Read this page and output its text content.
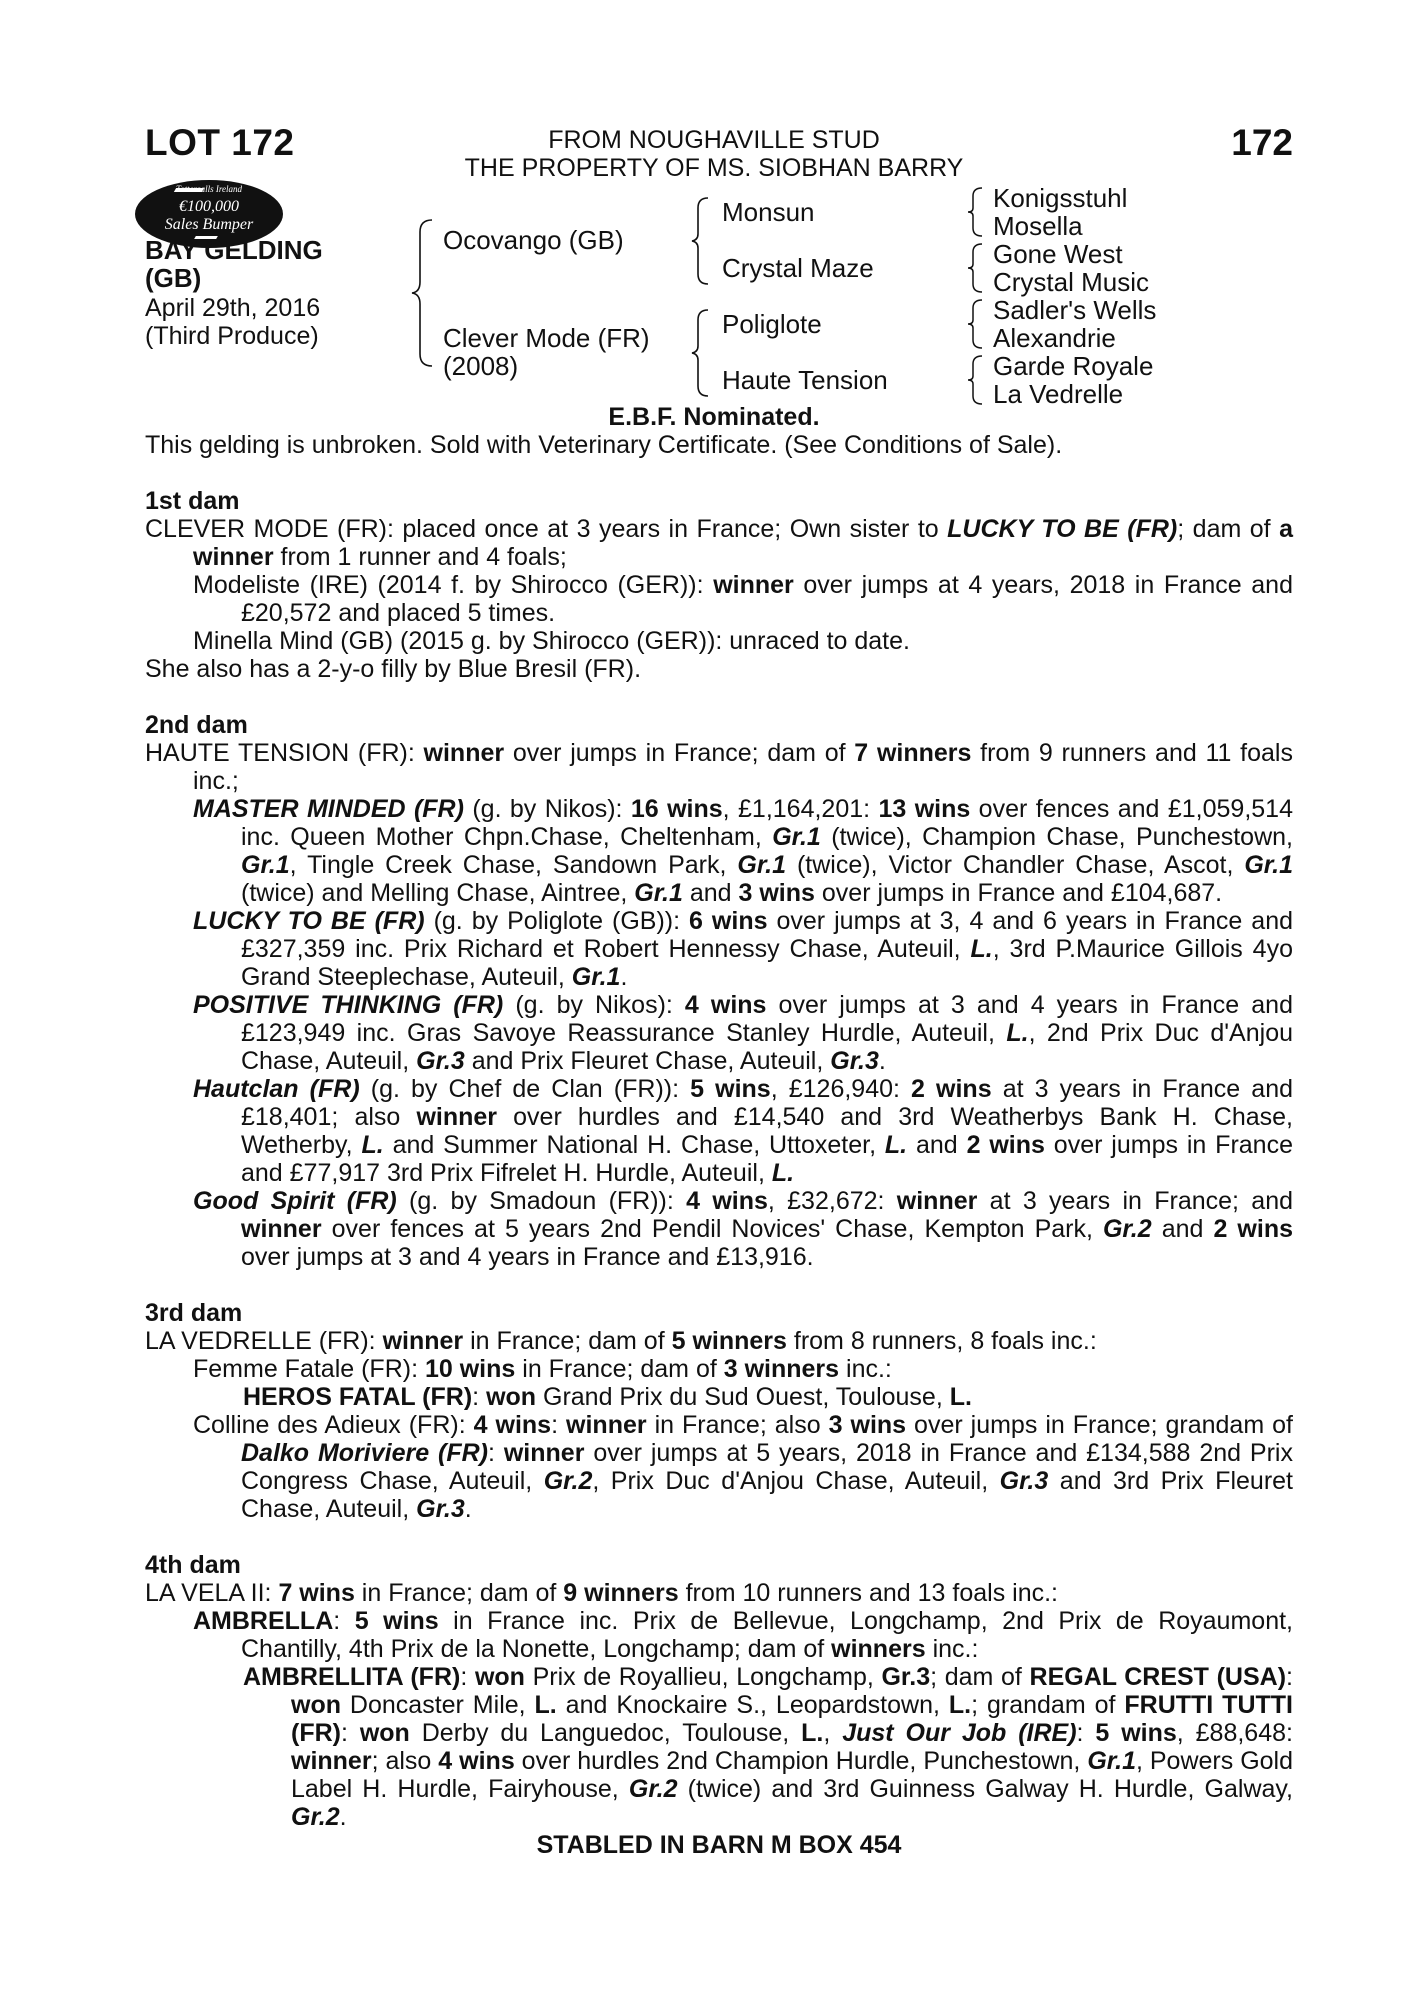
LOT 172	172
FROM NOUGHAVILLE STUD
THE PROPERTY OF MS. SIOBHAN BARRY
Tattersalls Ireland
€100,000
Sales Bumper
BAY GELDING
(GB)
April 29th, 2016
(Third Produce)
Ocovango (GB)
Clever Mode (FR)
(2008)
Monsun
Crystal Maze
Poliglote
Haute Tension
Konigsstuhl
Mosella
Gone West
Crystal Music
Sadler's Wells
Alexandrie
Garde Royale
La Vedrelle
E.B.F. Nominated.
This gelding is unbroken. Sold with Veterinary Certificate. (See Conditions of Sale).
1st dam
CLEVER MODE (FR): placed once at 3 years in France; Own sister to LUCKY TO BE (FR); dam of a winner from 1 runner and 4 foals;
Modeliste (IRE) (2014 f. by Shirocco (GER)): winner over jumps at 4 years, 2018 in France and £20,572 and placed 5 times.
Minella Mind (GB) (2015 g. by Shirocco (GER)): unraced to date.
She also has a 2-y-o filly by Blue Bresil (FR).
2nd dam
HAUTE TENSION (FR): winner over jumps in France; dam of 7 winners from 9 runners and 11 foals inc.;
MASTER MINDED (FR) (g. by Nikos): 16 wins, £1,164,201: 13 wins over fences and £1,059,514 inc. Queen Mother Chpn.Chase, Cheltenham, Gr.1 (twice), Champion Chase, Punchestown, Gr.1, Tingle Creek Chase, Sandown Park, Gr.1 (twice), Victor Chandler Chase, Ascot, Gr.1 (twice) and Melling Chase, Aintree, Gr.1 and 3 wins over jumps in France and £104,687.
LUCKY TO BE (FR) (g. by Poliglote (GB)): 6 wins over jumps at 3, 4 and 6 years in France and £327,359 inc. Prix Richard et Robert Hennessy Chase, Auteuil, L., 3rd P.Maurice Gillois 4yo Grand Steeplechase, Auteuil, Gr.1.
POSITIVE THINKING (FR) (g. by Nikos): 4 wins over jumps at 3 and 4 years in France and £123,949 inc. Gras Savoye Reassurance Stanley Hurdle, Auteuil, L., 2nd Prix Duc d'Anjou Chase, Auteuil, Gr.3 and Prix Fleuret Chase, Auteuil, Gr.3.
Hautclan (FR) (g. by Chef de Clan (FR)): 5 wins, £126,940: 2 wins at 3 years in France and £18,401; also winner over hurdles and £14,540 and 3rd Weatherbys Bank H. Chase, Wetherby, L. and Summer National H. Chase, Uttoxeter, L. and 2 wins over jumps in France and £77,917 3rd Prix Fifrelet H. Hurdle, Auteuil, L.
Good Spirit (FR) (g. by Smadoun (FR)): 4 wins, £32,672: winner at 3 years in France; and winner over fences at 5 years 2nd Pendil Novices' Chase, Kempton Park, Gr.2 and 2 wins over jumps at 3 and 4 years in France and £13,916.
3rd dam
LA VEDRELLE (FR): winner in France; dam of 5 winners from 8 runners, 8 foals inc.:
Femme Fatale (FR): 10 wins in France; dam of 3 winners inc.:
HEROS FATAL (FR): won Grand Prix du Sud Ouest, Toulouse, L.
Colline des Adieux (FR): 4 wins: winner in France; also 3 wins over jumps in France; grandam of Dalko Moriviere (FR): winner over jumps at 5 years, 2018 in France and £134,588 2nd Prix Congress Chase, Auteuil, Gr.2, Prix Duc d'Anjou Chase, Auteuil, Gr.3 and 3rd Prix Fleuret Chase, Auteuil, Gr.3.
4th dam
LA VELA II: 7 wins in France; dam of 9 winners from 10 runners and 13 foals inc.:
AMBRELLA: 5 wins in France inc. Prix de Bellevue, Longchamp, 2nd Prix de Royaumont, Chantilly, 4th Prix de la Nonette, Longchamp; dam of winners inc.:
AMBRELLITA (FR): won Prix de Royallieu, Longchamp, Gr.3; dam of REGAL CREST (USA): won Doncaster Mile, L. and Knockaire S., Leopardstown, L.; grandam of FRUTTI TUTTI (FR): won Derby du Languedoc, Toulouse, L., Just Our Job (IRE): 5 wins, £88,648: winner; also 4 wins over hurdles 2nd Champion Hurdle, Punchestown, Gr.1, Powers Gold Label H. Hurdle, Fairyhouse, Gr.2 (twice) and 3rd Guinness Galway H. Hurdle, Galway, Gr.2.
STABLED IN BARN M BOX 454
